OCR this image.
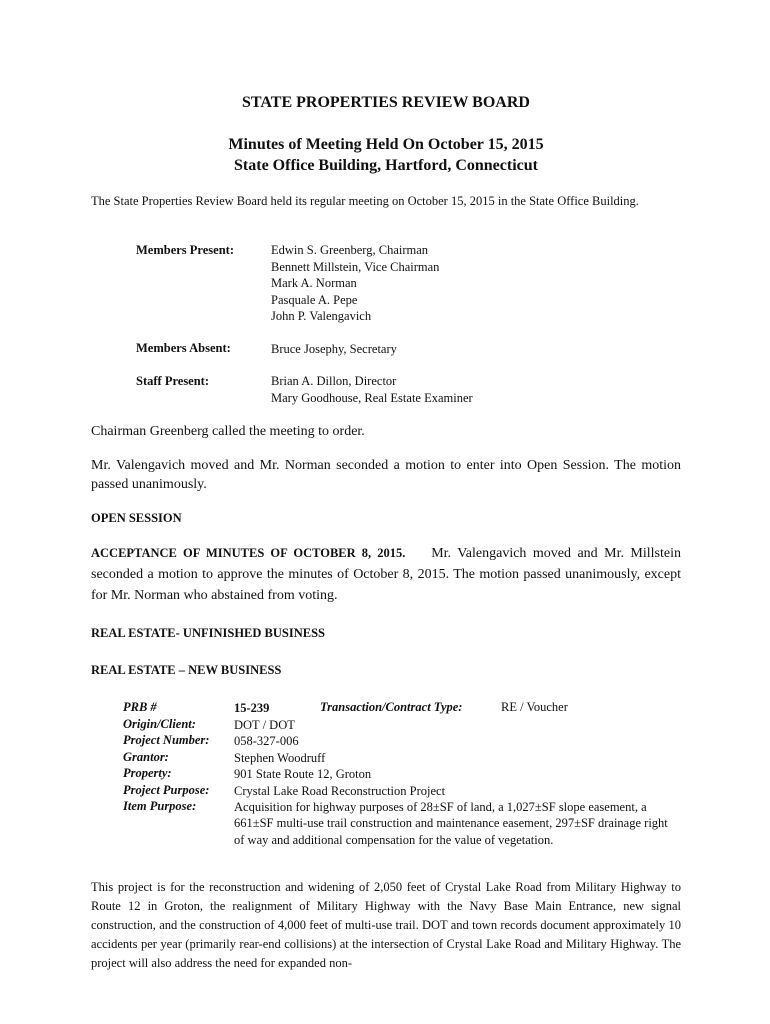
STATE PROPERTIES REVIEW BOARD
Minutes of Meeting Held On October 15, 2015
State Office Building, Hartford, Connecticut
The State Properties Review Board held its regular meeting on October 15, 2015 in the State Office Building.
Members Present:	Edwin S. Greenberg, Chairman
Bennett Millstein, Vice Chairman
Mark A. Norman
Pasquale A. Pepe
John P. Valengavich
Members Absent:	Bruce Josephy, Secretary
Staff Present:	Brian A. Dillon, Director
Mary Goodhouse, Real Estate Examiner
Chairman Greenberg called the meeting to order.
Mr. Valengavich moved and Mr. Norman seconded a motion to enter into Open Session. The motion passed unanimously.
OPEN SESSION
ACCEPTANCE OF MINUTES OF OCTOBER 8, 2015. Mr. Valengavich moved and Mr. Millstein seconded a motion to approve the minutes of October 8, 2015. The motion passed unanimously, except for Mr. Norman who abstained from voting.
REAL ESTATE- UNFINISHED BUSINESS
REAL ESTATE – NEW BUSINESS
PRB #	15-239	Transaction/Contract Type:	RE / Voucher
Origin/Client:	DOT / DOT
Project Number: 058-327-006
Grantor:	Stephen Woodruff
Property:	901 State Route 12, Groton
Project Purpose: Crystal Lake Road Reconstruction Project
Item Purpose:	Acquisition for highway purposes of 28±SF of land, a 1,027±SF slope easement, a 661±SF multi-use trail construction and maintenance easement, 297±SF drainage right of way and additional compensation for the value of vegetation.
This project is for the reconstruction and widening of 2,050 feet of Crystal Lake Road from Military Highway to Route 12 in Groton, the realignment of Military Highway with the Navy Base Main Entrance, new signal construction, and the construction of 4,000 feet of multi-use trail. DOT and town records document approximately 10 accidents per year (primarily rear-end collisions) at the intersection of Crystal Lake Road and Military Highway. The project will also address the need for expanded non-
